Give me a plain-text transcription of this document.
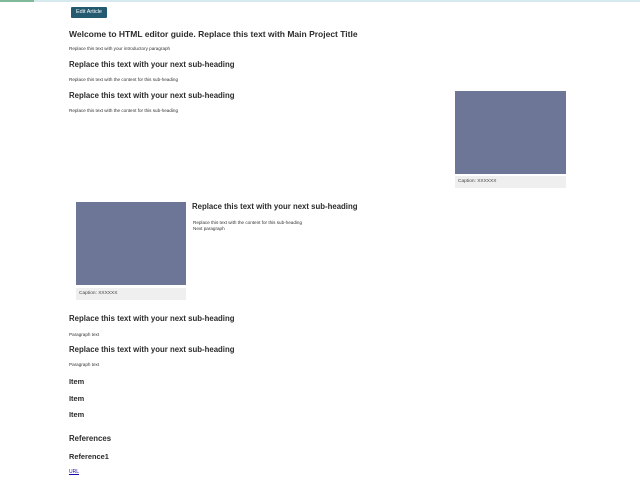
Edit Article
Welcome to HTML editor guide. Replace this text with Main Project Title
Replace this text with your introductory paragraph
Replace this text with your next sub-heading
Replace this text with the content for this sub-heading
Replace this text with your next sub-heading
Replace this text with the content for this sub-heading
Caption: XXXXXX
Caption: XXXXXX
Replace this text with your next sub-heading
Replace this text with the content for this sub-heading
Next paragraph
Replace this text with your next sub-heading
Paragraph text
Replace this text with your next sub-heading
Paragraph text
Item
Item
Item
References
Reference1
URL
